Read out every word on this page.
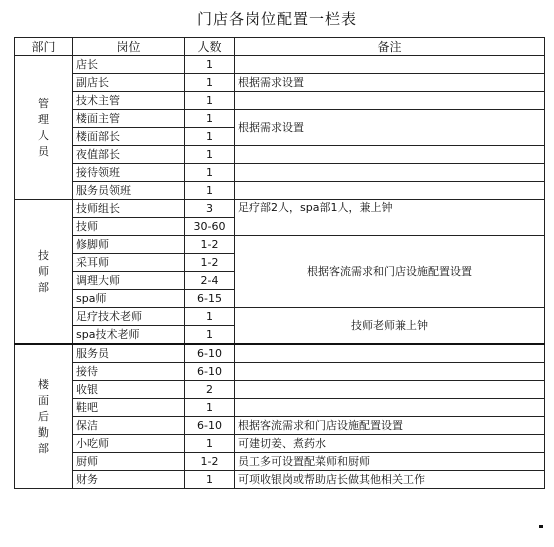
门店各岗位配置一栏表
部门	岗位	人数	备注

管
理
人
员	店长	1	
	副店长	1	根据需求设置
	技术主管	1	
	楼面主管	1	根据需求设置
	楼面部长	1	
	夜值部长	1	
	接待领班	1	
	服务员领班	1	

技
师
部	技师组长	3	足疗部2人，spa部1人，兼上钟
	技师	30-60	
	修脚师	1-2	根据客流需求和门店设施配置设置
	采耳师	1-2	
	调理大师	2-4	
	spa师	6-15	
	足疗技术老师	1	技师老师兼上钟
	spa技术老师	1	

楼
面
后
勤
部	服务员	6-10	
	接待	6-10	
	收银	2	
	鞋吧	1	
	保洁	6-10	根据客流需求和门店设施配置设置
	小吃师	1	可建切姜、煮药水
	厨师	1-2	员工多可设置配菜师和厨师
	财务	1	可项收银岗或帮助店长做其他相关工作
